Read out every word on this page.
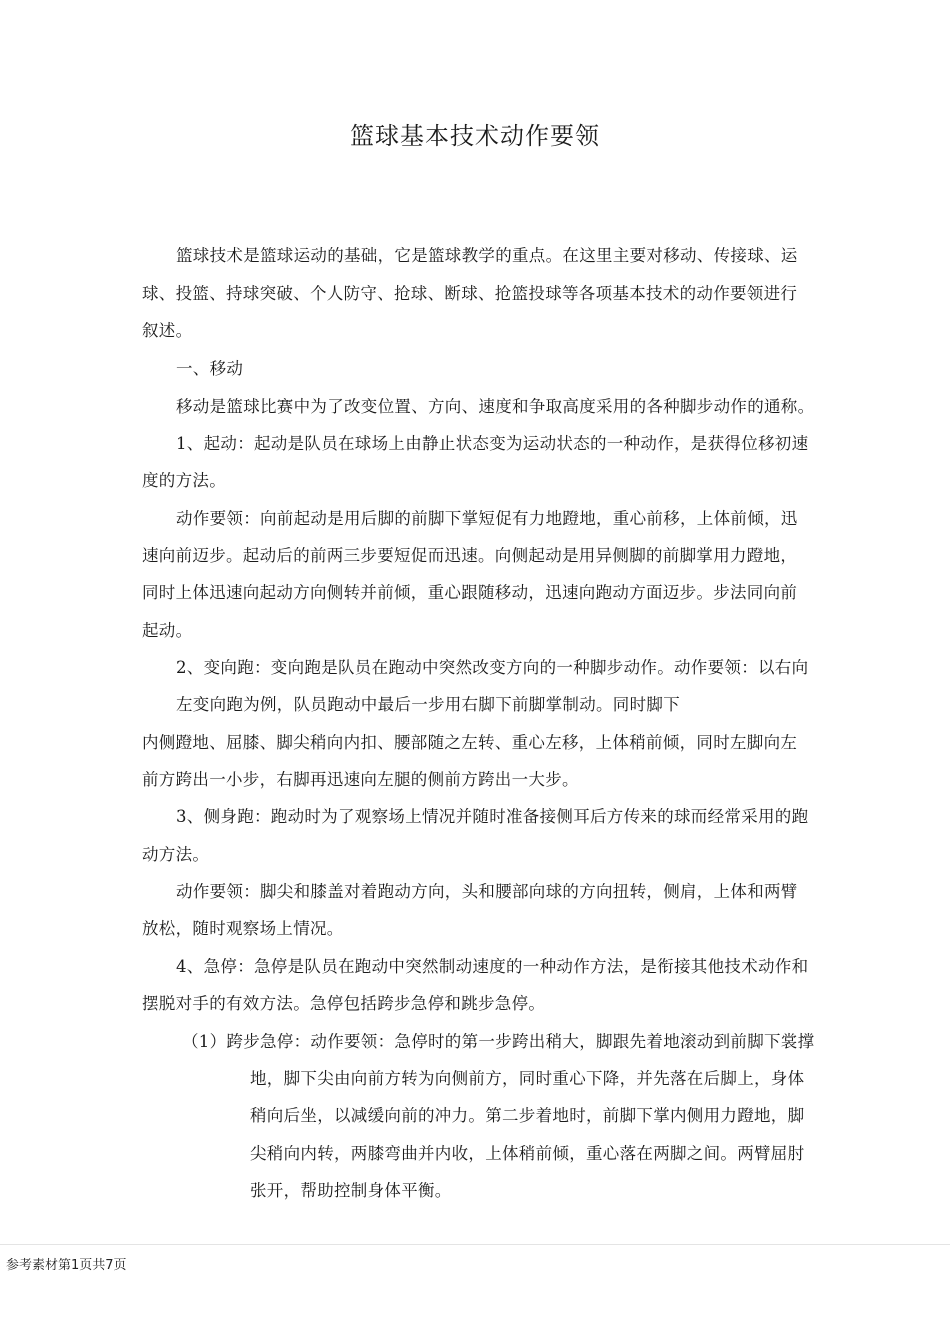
篮球基本技术动作要领
篮球技术是篮球运动的基础，它是篮球教学的重点。在这里主要对移动、传接球、运
球、投篮、持球突破、个人防守、抢球、断球、抢篮投球等各项基本技术的动作要领进行
叙述。
一、移动
移动是篮球比赛中为了改变位置、方向、速度和争取高度采用的各种脚步动作的通称。
1、起动：起动是队员在球场上由静止状态变为运动状态的一种动作，是获得位移初速
度的方法。
动作要领：向前起动是用后脚的前脚下掌短促有力地蹬地，重心前移，上体前倾，迅
速向前迈步。起动后的前两三步要短促而迅速。向侧起动是用异侧脚的前脚掌用力蹬地，
同时上体迅速向起动方向侧转并前倾，重心跟随移动，迅速向跑动方面迈步。步法同向前
起动。
2、变向跑：变向跑是队员在跑动中突然改变方向的一种脚步动作。动作要领：以右向
左变向跑为例，队员跑动中最后一步用右脚下前脚掌制动。同时脚下
内侧蹬地、屈膝、脚尖稍向内扣、腰部随之左转、重心左移，上体稍前倾，同时左脚向左
前方跨出一小步，右脚再迅速向左腿的侧前方跨出一大步。
3、侧身跑：跑动时为了观察场上情况并随时准备接侧耳后方传来的球而经常采用的跑
动方法。
动作要领：脚尖和膝盖对着跑动方向，头和腰部向球的方向扭转，侧肩，上体和两臂
放松，随时观察场上情况。
4、急停：急停是队员在跑动中突然制动速度的一种动作方法，是衔接其他技术动作和
摆脱对手的有效方法。急停包括跨步急停和跳步急停。
（1）跨步急停：动作要领：急停时的第一步跨出稍大，脚跟先着地滚动到前脚下裳撑
地，脚下尖由向前方转为向侧前方，同时重心下降，并先落在后脚上，身体
稍向后坐，以减缓向前的冲力。第二步着地时，前脚下掌内侧用力蹬地，脚
尖稍向内转，两膝弯曲并内收，上体稍前倾，重心落在两脚之间。两臂屈肘
张开，帮助控制身体平衡。
参考素材第1页共7页
